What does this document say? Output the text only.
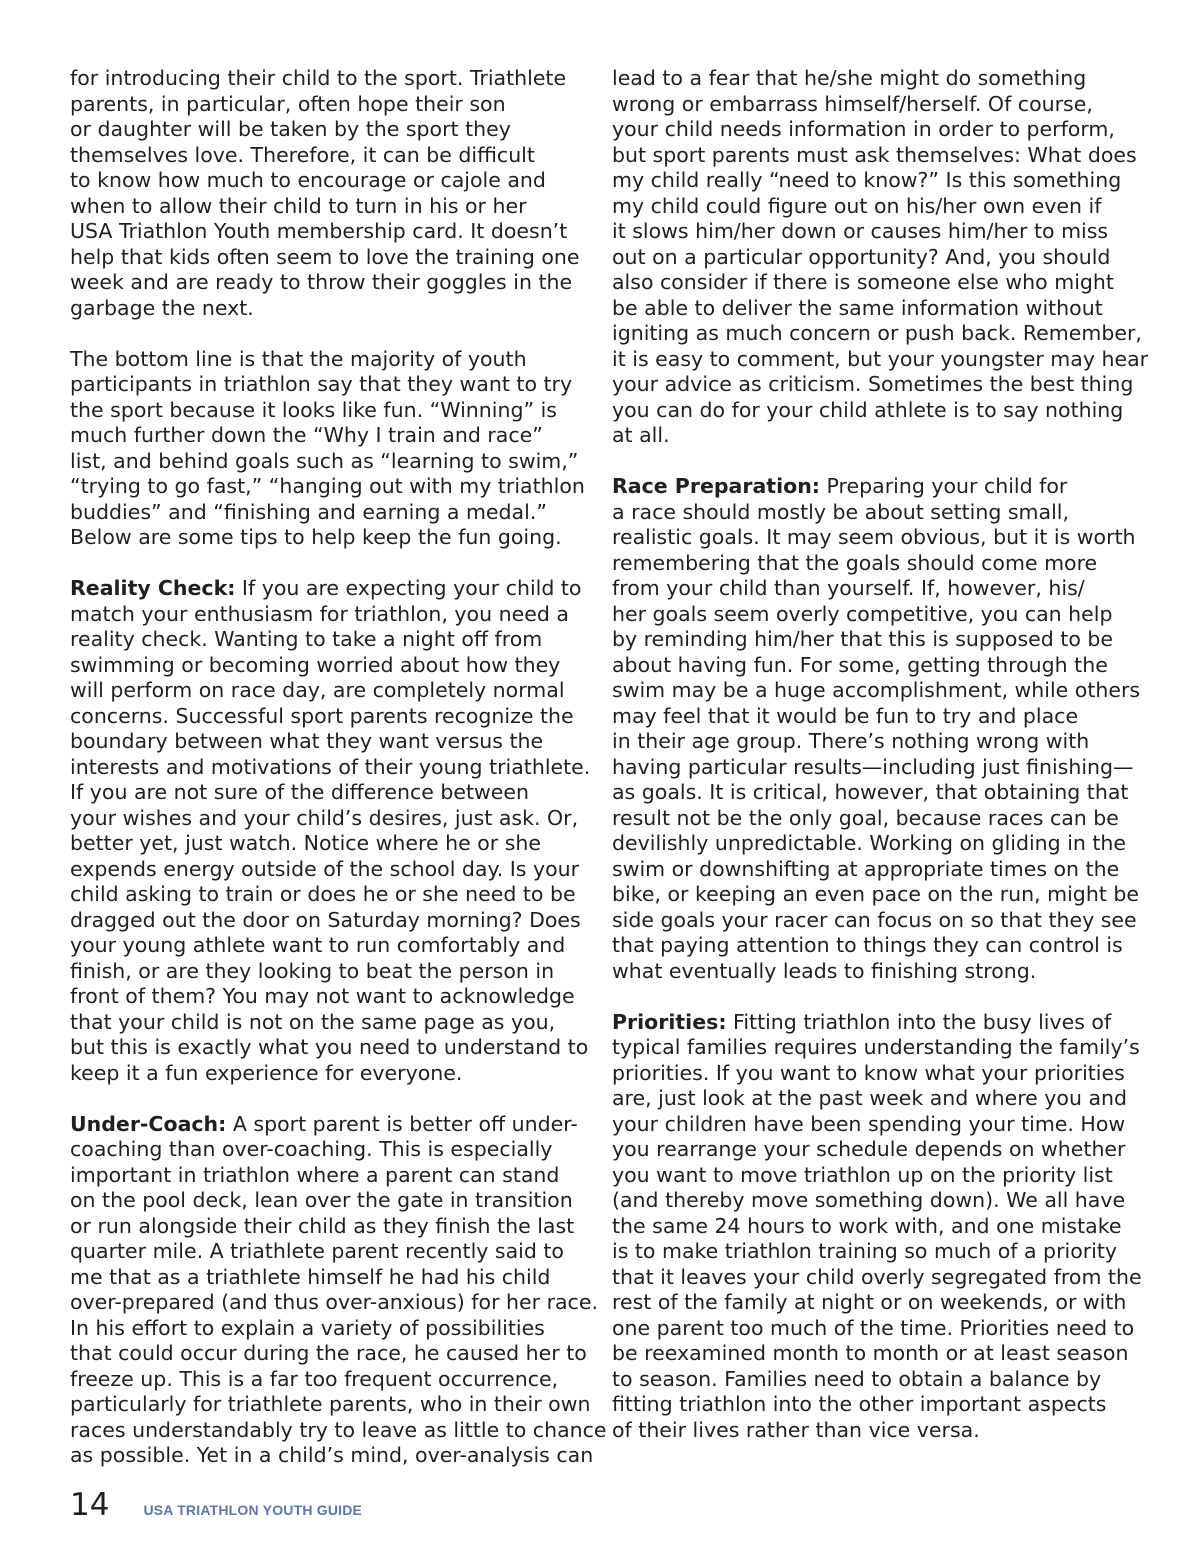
for introducing their child to the sport. Triathlete
parents, in particular, often hope their son
or daughter will be taken by the sport they
themselves love. Therefore, it can be difficult
to know how much to encourage or cajole and
when to allow their child to turn in his or her
USA Triathlon Youth membership card. It doesn’t
help that kids often seem to love the training one
week and are ready to throw their goggles in the
garbage the next.
The bottom line is that the majority of youth
participants in triathlon say that they want to try
the sport because it looks like fun. “Winning” is
much further down the “Why I train and race”
list, and behind goals such as “learning to swim,”
“trying to go fast,” “hanging out with my triathlon
buddies” and “finishing and earning a medal.”
Below are some tips to help keep the fun going.
Reality Check: If you are expecting your child to
match your enthusiasm for triathlon, you need a
reality check. Wanting to take a night off from
swimming or becoming worried about how they
will perform on race day, are completely normal
concerns. Successful sport parents recognize the
boundary between what they want versus the
interests and motivations of their young triathlete.
If you are not sure of the difference between
your wishes and your child’s desires, just ask. Or,
better yet, just watch. Notice where he or she
expends energy outside of the school day. Is your
child asking to train or does he or she need to be
dragged out the door on Saturday morning? Does
your young athlete want to run comfortably and
finish, or are they looking to beat the person in
front of them? You may not want to acknowledge
that your child is not on the same page as you,
but this is exactly what you need to understand to
keep it a fun experience for everyone.
Under-Coach: A sport parent is better off under-
coaching than over-coaching. This is especially
important in triathlon where a parent can stand
on the pool deck, lean over the gate in transition
or run alongside their child as they finish the last
quarter mile. A triathlete parent recently said to
me that as a triathlete himself he had his child
over-prepared (and thus over-anxious) for her race.
In his effort to explain a variety of possibilities
that could occur during the race, he caused her to
freeze up. This is a far too frequent occurrence,
particularly for triathlete parents, who in their own
races understandably try to leave as little to chance
as possible. Yet in a child’s mind, over-analysis can
lead to a fear that he/she might do something
wrong or embarrass himself/herself. Of course,
your child needs information in order to perform,
but sport parents must ask themselves: What does
my child really “need to know?” Is this something
my child could figure out on his/her own even if
it slows him/her down or causes him/her to miss
out on a particular opportunity? And, you should
also consider if there is someone else who might
be able to deliver the same information without
igniting as much concern or push back. Remember,
it is easy to comment, but your youngster may hear
your advice as criticism. Sometimes the best thing
you can do for your child athlete is to say nothing
at all.
Race Preparation: Preparing your child for
a race should mostly be about setting small,
realistic goals. It may seem obvious, but it is worth
remembering that the goals should come more
from your child than yourself. If, however, his/
her goals seem overly competitive, you can help
by reminding him/her that this is supposed to be
about having fun. For some, getting through the
swim may be a huge accomplishment, while others
may feel that it would be fun to try and place
in their age group. There’s nothing wrong with
having particular results—including just finishing—
as goals. It is critical, however, that obtaining that
result not be the only goal, because races can be
devilishly unpredictable. Working on gliding in the
swim or downshifting at appropriate times on the
bike, or keeping an even pace on the run, might be
side goals your racer can focus on so that they see
that paying attention to things they can control is
what eventually leads to finishing strong.
Priorities: Fitting triathlon into the busy lives of
typical families requires understanding the family’s
priorities. If you want to know what your priorities
are, just look at the past week and where you and
your children have been spending your time. How
you rearrange your schedule depends on whether
you want to move triathlon up on the priority list
(and thereby move something down). We all have
the same 24 hours to work with, and one mistake
is to make triathlon training so much of a priority
that it leaves your child overly segregated from the
rest of the family at night or on weekends, or with
one parent too much of the time. Priorities need to
be reexamined month to month or at least season
to season. Families need to obtain a balance by
fitting triathlon into the other important aspects
of their lives rather than vice versa.
14 USA TRIATHLON YOUTH GUIDE
